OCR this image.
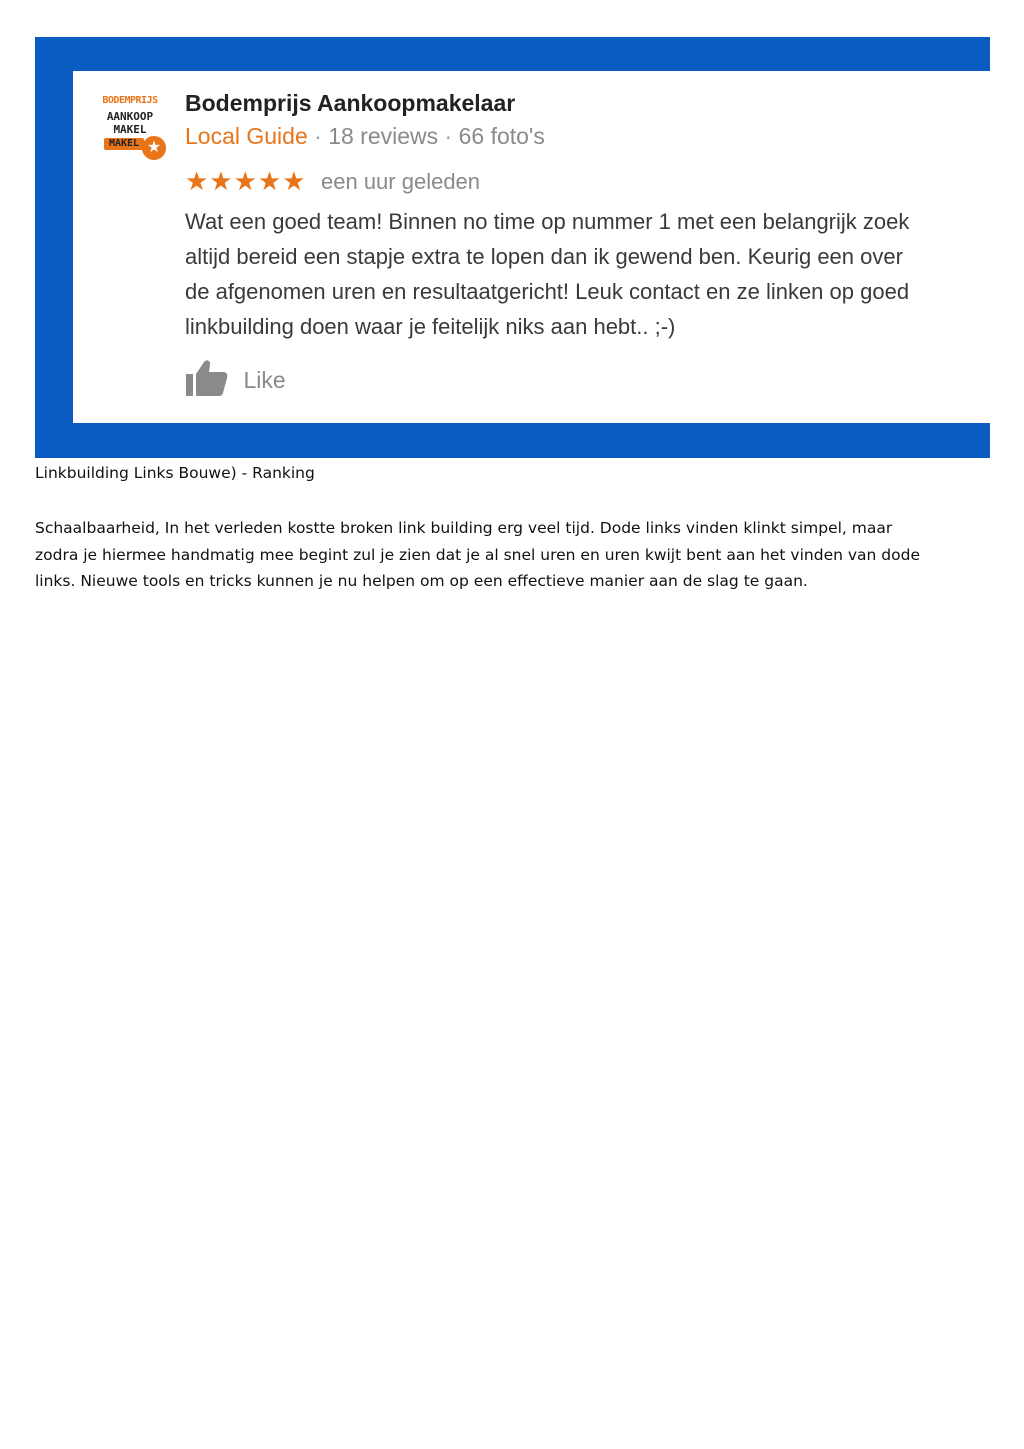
BODEMPRIJS
AANKOOP
MAKEL
MAKEL ★
Bodemprijs Aankoopmakelaar
Local Guide · 18 reviews · 66 foto's
★★★★★ een uur geleden

Wat een goed team! Binnen no time op nummer 1 met een belangrijk zoek
altijd bereid een stapje extra te lopen dan ik gewend ben. Keurig een over
de afgenomen uren en resultaatgericht! Leuk contact en ze linken op goed
linkbuilding doen waar je feitelijk niks aan hebt.. ;-)

Like

Linkbuilding Links Bouwe) - Ranking

Schaalbaarheid, In het verleden kostte broken link building erg veel tijd. Dode links vinden klinkt simpel, maar
zodra je hiermee handmatig mee begint zul je zien dat je al snel uren en uren kwijt bent aan het vinden van dode
links. Nieuwe tools en tricks kunnen je nu helpen om op een effectieve manier aan de slag te gaan.
